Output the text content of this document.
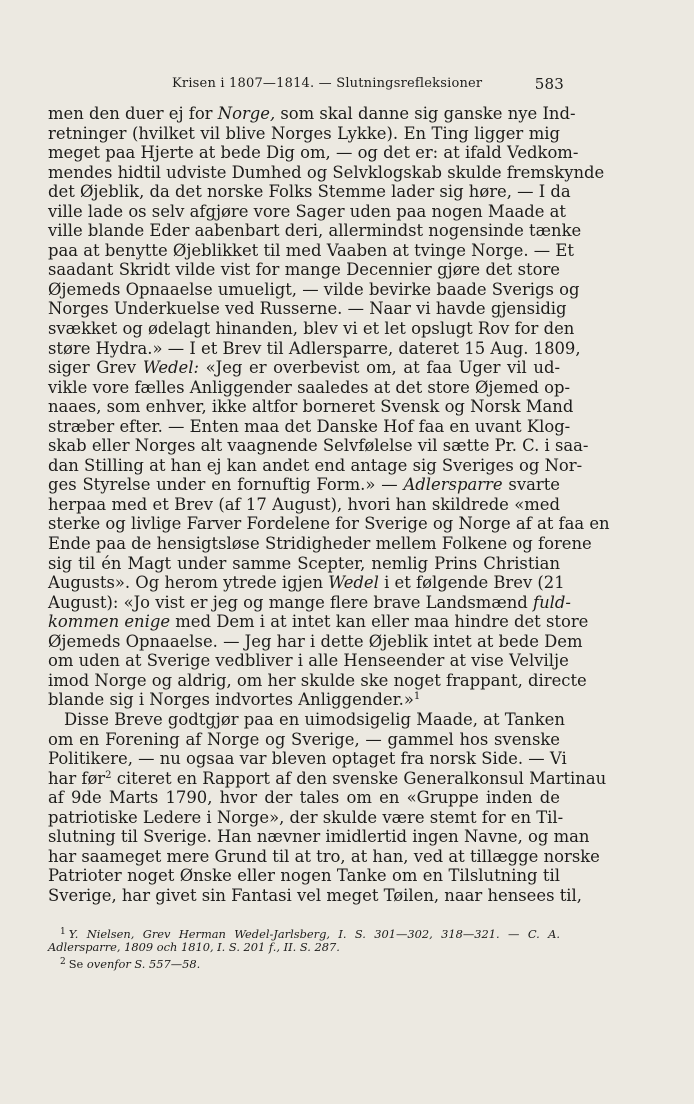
Krisen i 1807—1814. — Slutningsrefleksioner	583
men den duer ej for Norge, som skal danne sig ganske nye Ind-
retninger (hvilket vil blive Norges Lykke). En Ting ligger mig
meget paa Hjerte at bede Dig om, — og det er: at ifald Vedkom-
mendes hidtil udviste Dumhed og Selvklogskab skulde fremskynde
det Øjeblik, da det norske Folks Stemme lader sig høre, — I da
ville lade os selv afgjøre vore Sager uden paa nogen Maade at
ville blande Eder aabenbart deri, allermindst nogensinde tænke
paa at benytte Øjeblikket til med Vaaben at tvinge Norge. — Et
saadant Skridt vilde vist for mange Decennier gjøre det store
Øjemeds Opnaaelse umueligt, — vilde bevirke baade Sverigs og
Norges Underkuelse ved Russerne. — Naar vi havde gjensidig
svækket og ødelagt hinanden, blev vi et let opslugt Rov for den
støre Hydra.» — I et Brev til Adlersparre, dateret 15 Aug. 1809,
siger Grev Wedel: «Jeg er overbevist om, at faa Uger vil ud-
vikle vore fælles Anliggender saaledes at det store Øjemed op-
naaes, som enhver, ikke altfor borneret Svensk og Norsk Mand
stræber efter. — Enten maa det Danske Hof faa en uvant Klog-
skab eller Norges alt vaagnende Selvfølelse vil sætte Pr. C. i saa-
dan Stilling at han ej kan andet end antage sig Sveriges og Nor-
ges Styrelse under en fornuftig Form.» — Adlersparre svarte
herpaa med et Brev (af 17 August), hvori han skildrede «med
sterke og livlige Farver Fordelene for Sverige og Norge af at faa en
Ende paa de hensigtsløse Stridigheder mellem Folkene og forene
sig til én Magt under samme Scepter, nemlig Prins Christian
Augusts». Og herom ytrede igjen Wedel i et følgende Brev (21
August): «Jo vist er jeg og mange flere brave Landsmænd fuld-
kommen enige med Dem i at intet kan eller maa hindre det store
Øjemeds Opnaaelse. — Jeg har i dette Øjeblik intet at bede Dem
om uden at Sverige vedbliver i alle Henseender at vise Velvilje
imod Norge og aldrig, om her skulde ske noget frappant, directe
blande sig i Norges indvortes Anliggender.»$^1$
Disse Breve godtgjør paa en uimodsigelig Maade, at Tanken
om en Forening af Norge og Sverige, — gammel hos svenske
Politikere, — nu ogsaa var bleven optaget fra norsk Side. — Vi
har før$^2$ citeret en Rapport af den svenske Generalkonsul Martinau
af 9de Marts 1790, hvor der tales om en «Gruppe inden de
patriotiske Ledere i Norge», der skulde være stemt for en Til-
slutning til Sverige. Han nævner imidlertid ingen Navne, og man
har saameget mere Grund til at tro, at han, ved at tillægge norske
Patrioter noget Ønske eller nogen Tanke om en Tilslutning til
Sverige, har givet sin Fantasi vel meget Tøilen, naar hensees til,
$^1$ Y. Nielsen, Grev Herman Wedel-Jarlsberg, I. S. 301—302, 318—321. — C. A.
Adlersparre, 1809 och 1810, I. S. 201 f., II. S. 287.
$^2$ Se ovenfor S. 557—58.
